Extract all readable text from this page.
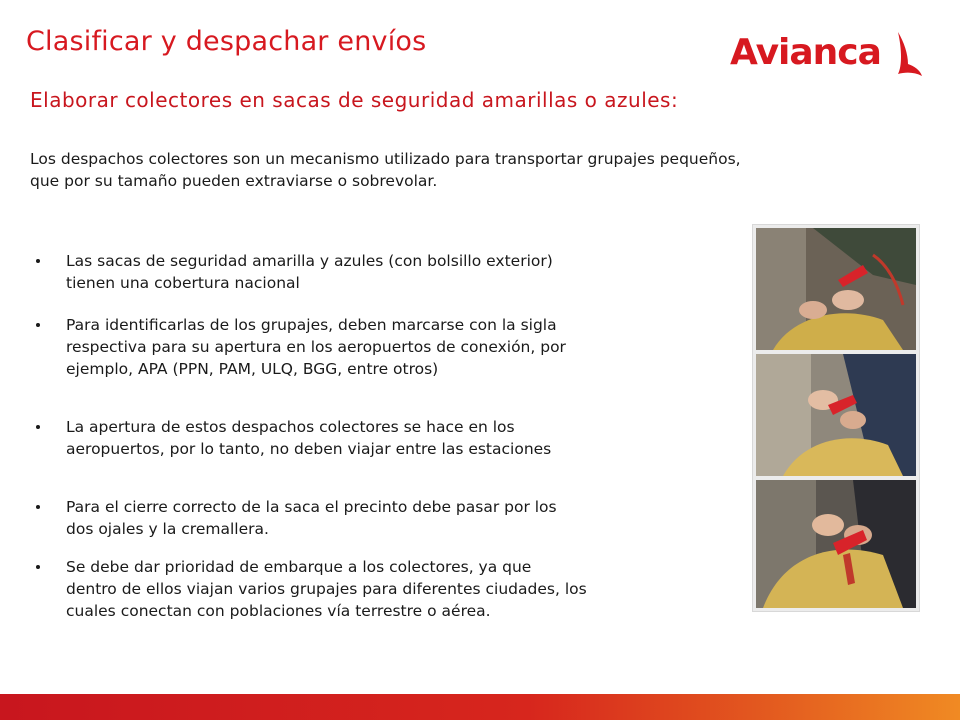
Clasificar y despachar envíos	Avianca
Elaborar colectores en sacas de seguridad amarillas o azules:
Los despachos colectores son un mecanismo utilizado para transportar grupajes pequeños,
que por su tamaño pueden extraviarse o sobrevolar.
Las sacas de seguridad amarilla y azules (con bolsillo exterior)
tienen una cobertura nacional
Para identificarlas de los grupajes, deben marcarse con la sigla
respectiva para su apertura en los aeropuertos de conexión, por
ejemplo, APA (PPN, PAM, ULQ, BGG, entre otros)
La apertura de estos despachos colectores se hace en los
aeropuertos, por lo tanto, no deben viajar entre las estaciones
Para el cierre correcto de la saca el precinto debe pasar por los
dos ojales y la cremallera.
Se debe dar prioridad de embarque a los colectores, ya que
dentro de ellos viajan varios grupajes para diferentes ciudades, los
cuales conectan con poblaciones vía terrestre o aérea.
